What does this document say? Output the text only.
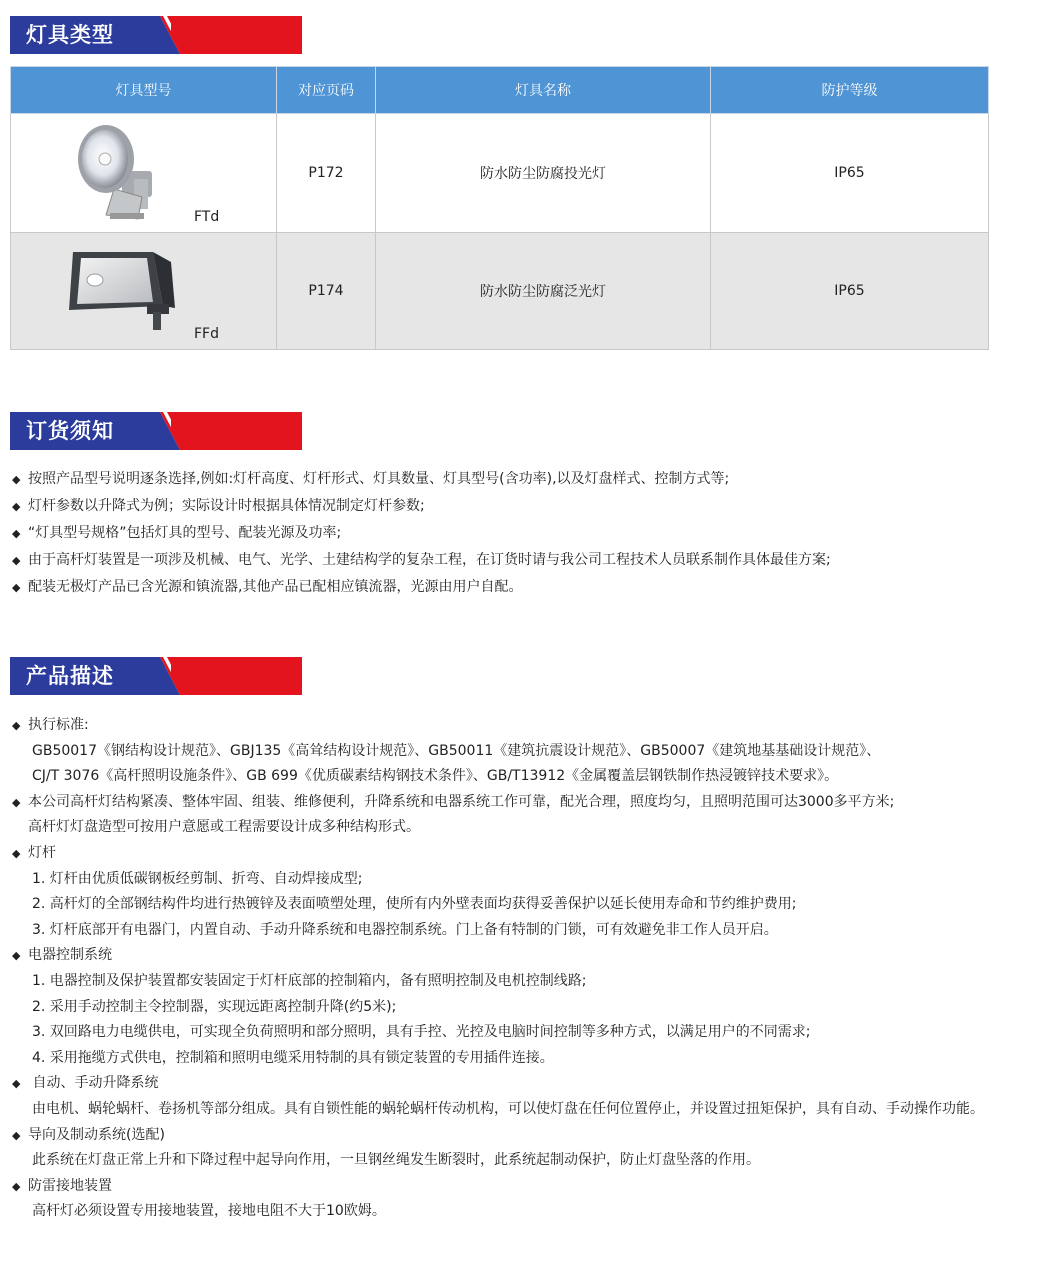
灯具类型
灯具型号	对应页码	灯具名称	防护等级

FTd	P172	防水防尘防腐投光灯	IP65

FFd	P174	防水防尘防腐泛光灯	IP65
订货须知
◆ 按照产品型号说明逐条选择,例如:灯杆高度、灯杆形式、灯具数量、灯具型号(含功率),以及灯盘样式、控制方式等;
◆ 灯杆参数以升降式为例；实际设计时根据具体情况制定灯杆参数;
◆ “灯具型号规格”包括灯具的型号、配装光源及功率;
◆ 由于高杆灯装置是一项涉及机械、电气、光学、土建结构学的复杂工程，在订货时请与我公司工程技术人员联系制作具体最佳方案;
◆ 配装无极灯产品已含光源和镇流器,其他产品已配相应镇流器，光源由用户自配。
产品描述
◆ 执行标准:
GB50017《钢结构设计规范》、GBJ135《高耸结构设计规范》、GB50011《建筑抗震设计规范》、GB50007《建筑地基基础设计规范》、
CJ/T 3076《高杆照明设施条件》、GB 699《优质碳素结构钢技术条件》、GB/T13912《金属覆盖层钢铁制作热浸镀锌技术要求》。
◆ 本公司高杆灯结构紧凑、整体牢固、组装、维修便利，升降系统和电器系统工作可靠，配光合理，照度均匀，且照明范围可达3000多平方米;
高杆灯灯盘造型可按用户意愿或工程需要设计成多种结构形式。
◆ 灯杆
1. 灯杆由优质低碳钢板经剪制、折弯、自动焊接成型;
2. 高杆灯的全部钢结构件均进行热镀锌及表面喷塑处理，使所有内外壁表面均获得妥善保护以延长使用寿命和节约维护费用;
3. 灯杆底部开有电器门，内置自动、手动升降系统和电器控制系统。门上备有特制的门锁，可有效避免非工作人员开启。
◆ 电器控制系统
1. 电器控制及保护装置都安装固定于灯杆底部的控制箱内，备有照明控制及电机控制线路;
2. 采用手动控制主令控制器，实现远距离控制升降(约5米);
3. 双回路电力电缆供电，可实现全负荷照明和部分照明，具有手控、光控及电脑时间控制等多种方式，以满足用户的不同需求;
4. 采用拖缆方式供电，控制箱和照明电缆采用特制的具有锁定装置的专用插件连接。
◆ 自动、手动升降系统
由电机、蜗轮蜗杆、卷扬机等部分组成。具有自锁性能的蜗轮蜗杆传动机构，可以使灯盘在任何位置停止，并设置过扭矩保护，具有自动、手动操作功能。
◆ 导向及制动系统(选配)
此系统在灯盘正常上升和下降过程中起导向作用，一旦钢丝绳发生断裂时，此系统起制动保护，防止灯盘坠落的作用。
◆ 防雷接地装置
高杆灯必须设置专用接地装置，接地电阻不大于10欧姆。
